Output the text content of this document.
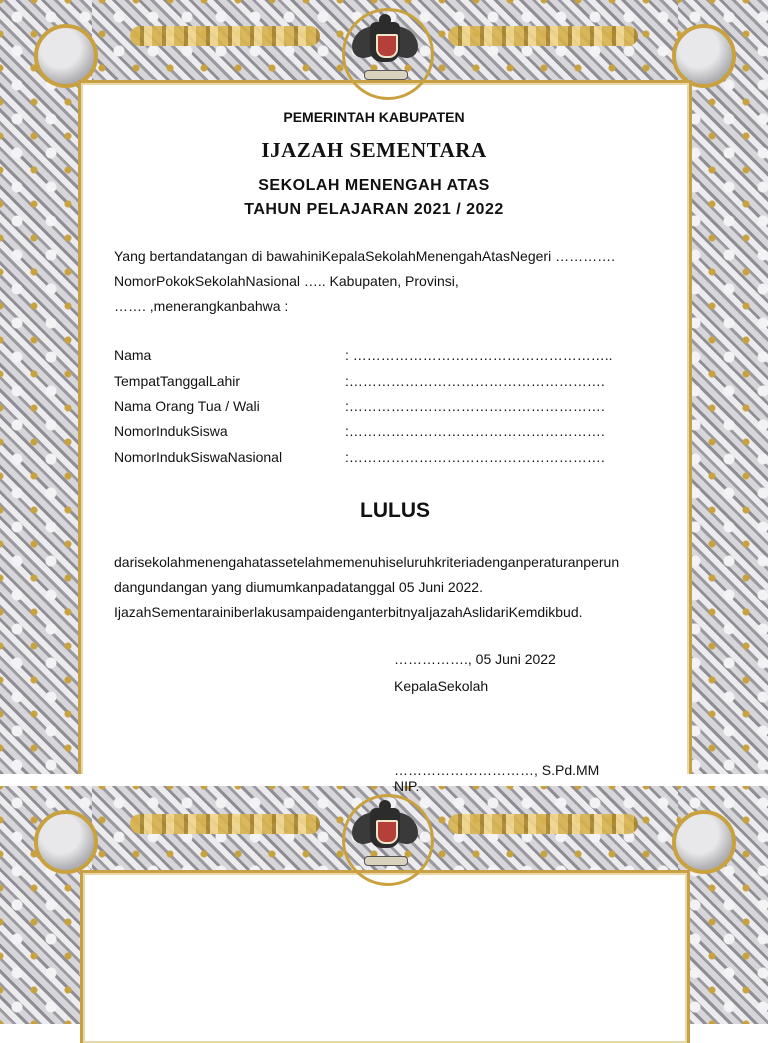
PEMERINTAH KABUPATEN
IJAZAH SEMENTARA
SEKOLAH MENENGAH ATAS
TAHUN PELAJARAN 2021 / 2022
Yang bertandatangan di bawahiniKepalaSekolahMenengahAtasNegeri ………….
NomorPokokSekolahNasional ….. Kabupaten, Provinsi,
……. ,menerangkanbahwa :
Nama	: ………………………………………………..
TempatTanggalLahir	:……………………………………………….
Nama Orang Tua / Wali	:……………………………………………….
NomorIndukSiswa	:……………………………………………….
NomorIndukSiswaNasional	:……………………………………………….
LULUS
darisekolahmenengahatassetelahmemenuhiseluruhkriteriadenganperaturanperun
dangundangan yang diumumkanpadatanggal 05 Juni 2022.
IjazahSementarainiberlakusampaidenganterbitnyaIjazahAslidariKemdikbud.
……………., 05 Juni 2022
KepalaSekolah
…………………………, S.Pd.MM
NIP.
